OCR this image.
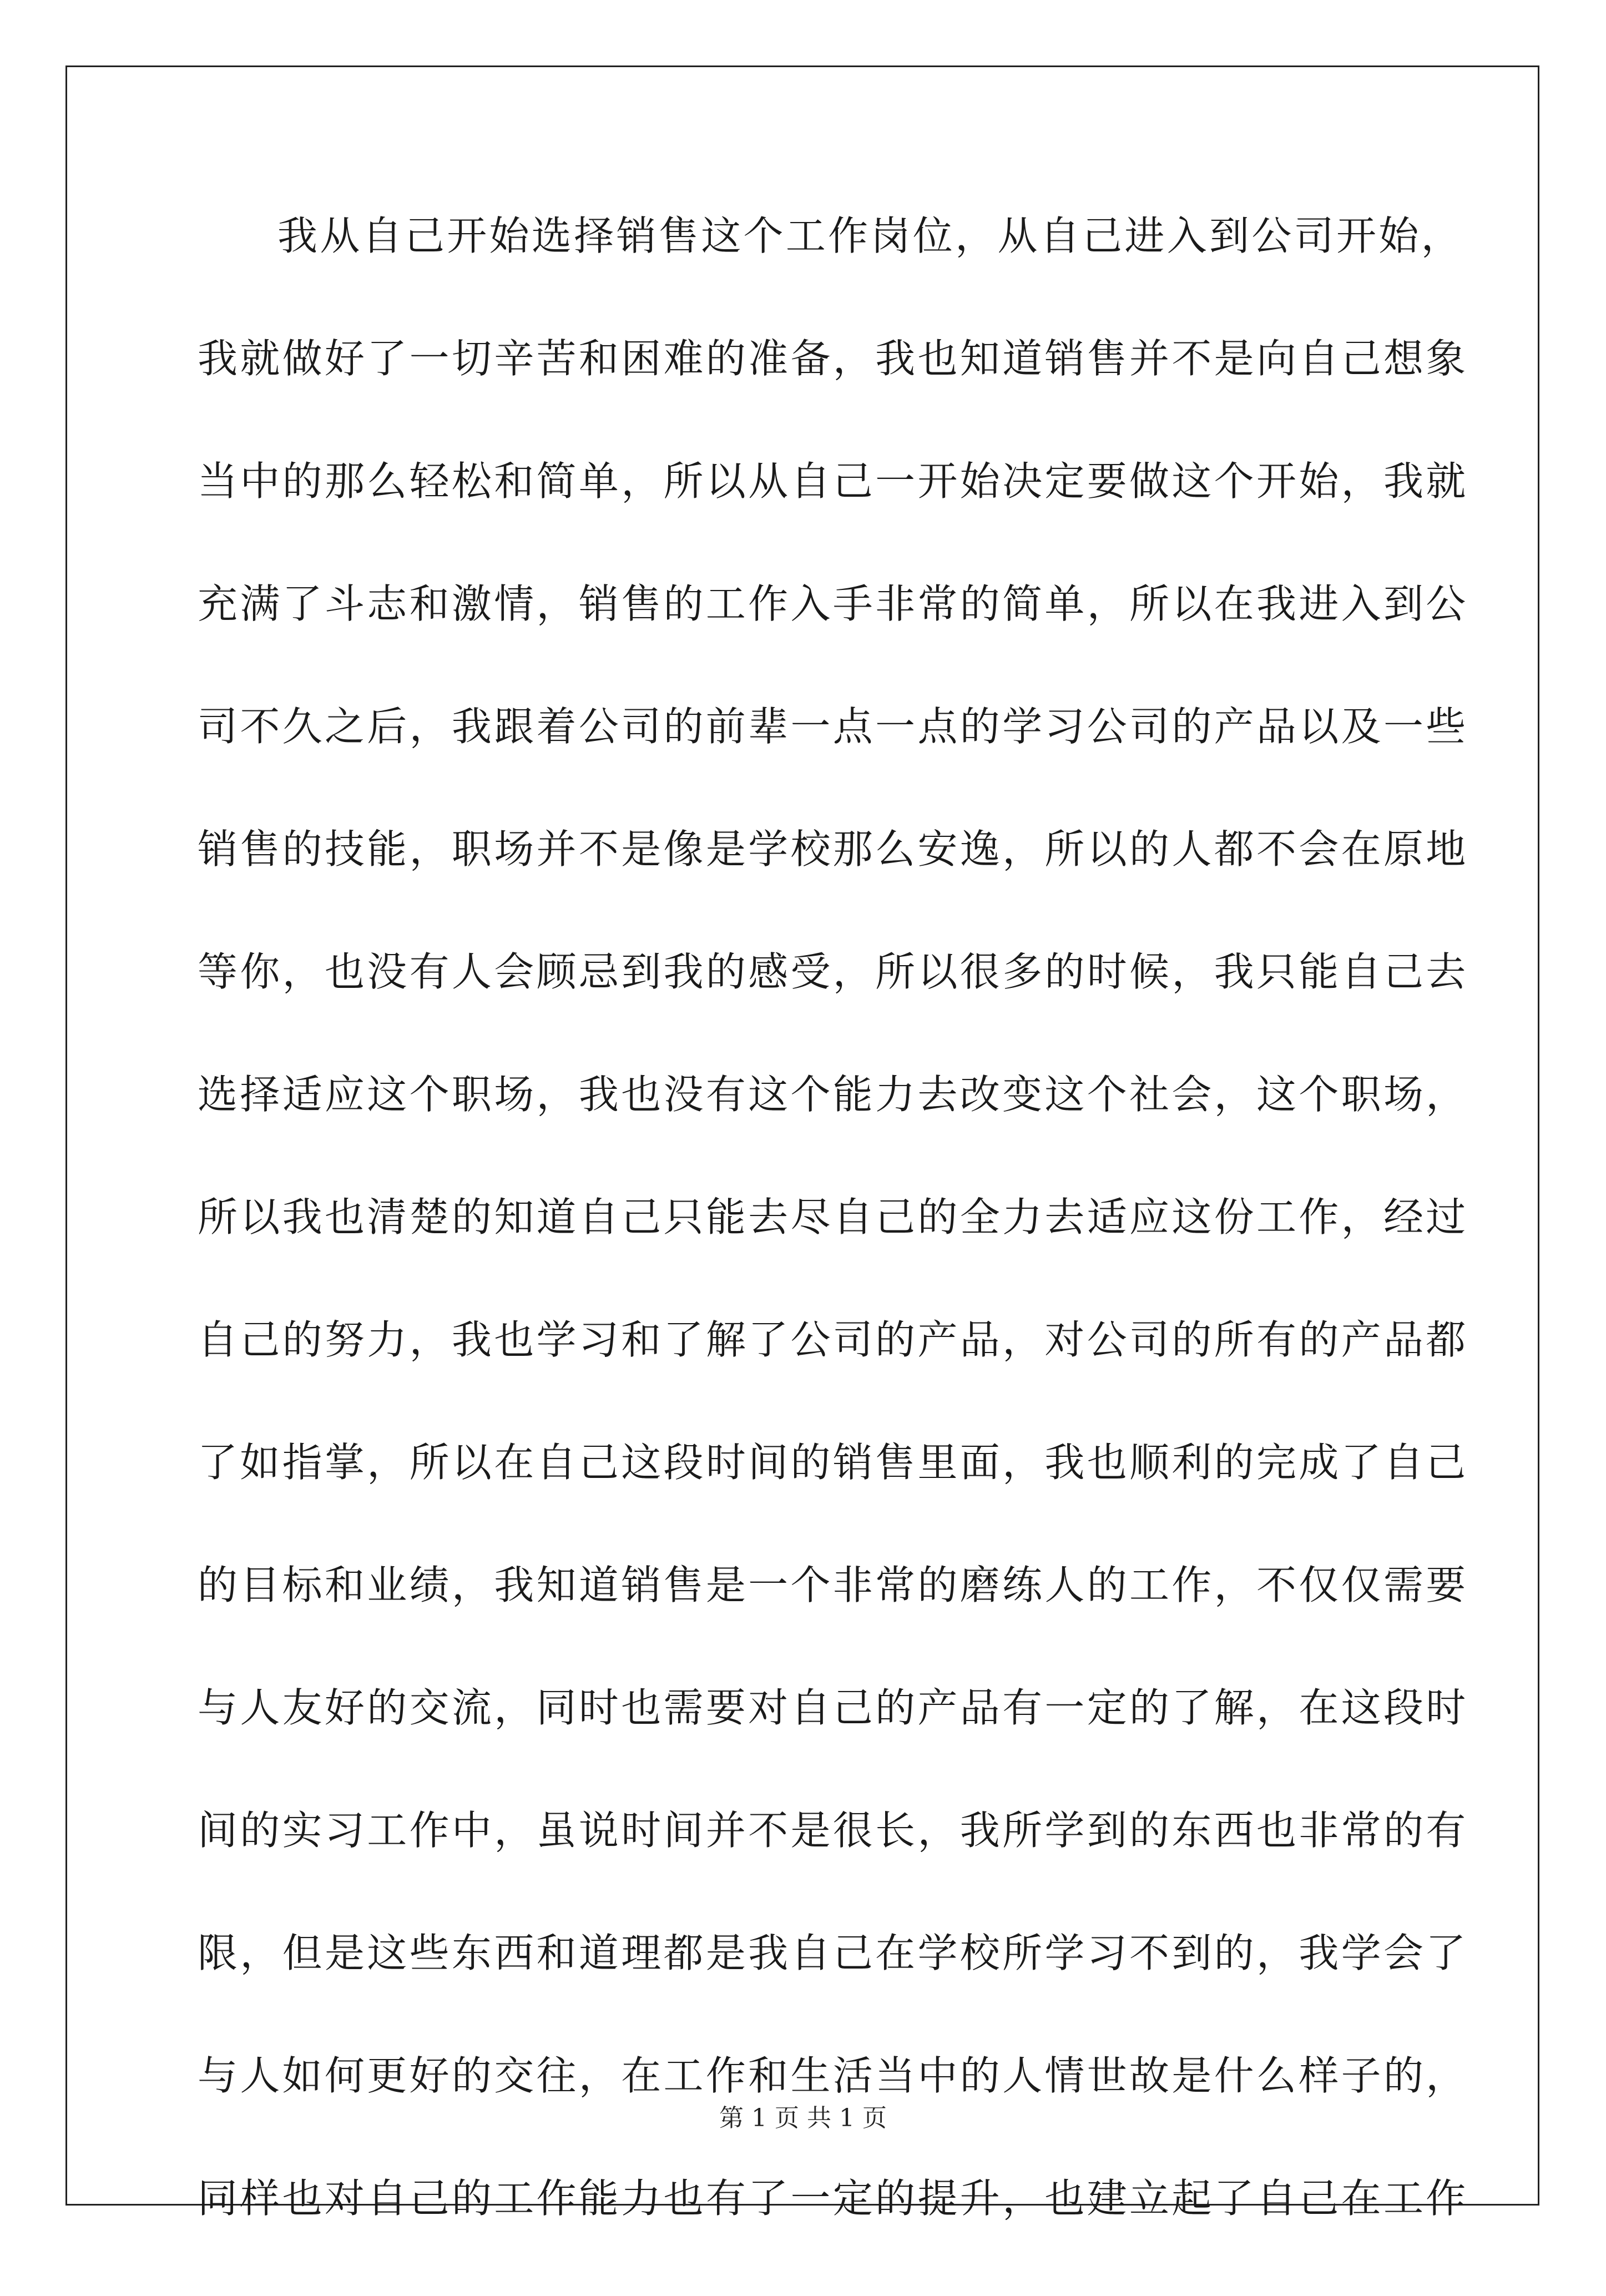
我从自己开始选择销售这个工作岗位，从自己进入到公司开始，
我就做好了一切辛苦和困难的准备，我也知道销售并不是向自己想象
当中的那么轻松和简单，所以从自己一开始决定要做这个开始，我就
充满了斗志和激情，销售的工作入手非常的简单，所以在我进入到公
司不久之后，我跟着公司的前辈一点一点的学习公司的产品以及一些
销售的技能，职场并不是像是学校那么安逸，所以的人都不会在原地
等你，也没有人会顾忌到我的感受，所以很多的时候，我只能自己去
选择适应这个职场，我也没有这个能力去改变这个社会，这个职场，
所以我也清楚的知道自己只能去尽自己的全力去适应这份工作，经过
自己的努力，我也学习和了解了公司的产品，对公司的所有的产品都
了如指掌，所以在自己这段时间的销售里面，我也顺利的完成了自己
的目标和业绩，我知道销售是一个非常的磨练人的工作，不仅仅需要
与人友好的交流，同时也需要对自己的产品有一定的了解，在这段时
间的实习工作中，虽说时间并不是很长，我所学到的东西也非常的有
限，但是这些东西和道理都是我自己在学校所学习不到的，我学会了
与人如何更好的交往，在工作和生活当中的人情世故是什么样子的，
同样也对自己的工作能力也有了一定的提升，也建立起了自己在工作
第 1 页 共 1 页
